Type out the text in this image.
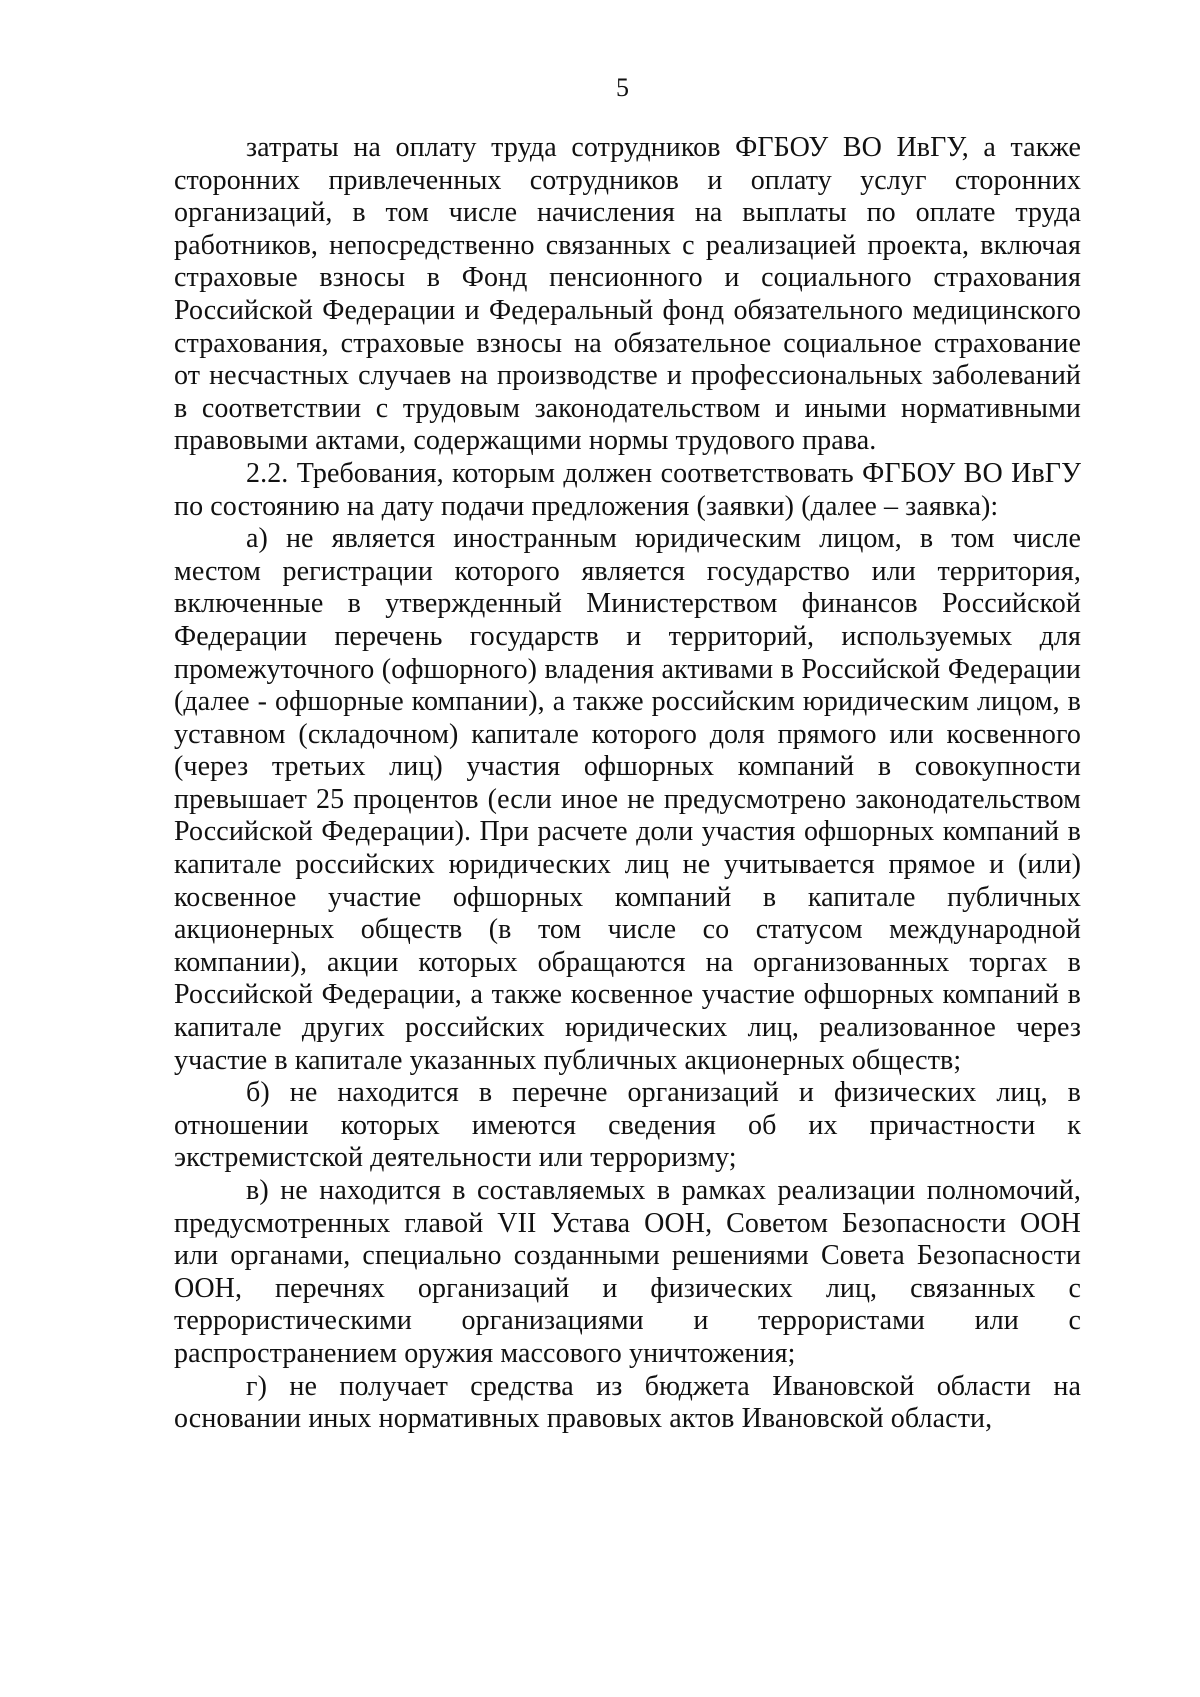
5

затраты на оплату труда сотрудников ФГБОУ ВО ИвГУ, а также сторонних привлеченных сотрудников и оплату услуг сторонних организаций, в том числе начисления на выплаты по оплате труда работников, непосредственно связанных с реализацией проекта, включая страховые взносы в Фонд пенсионного и социального страхования Российской Федерации и Федеральный фонд обязательного медицинского страхования, страховые взносы на обязательное социальное страхование от несчастных случаев на производстве и профессиональных заболеваний в соответствии с трудовым законодательством и иными нормативными правовыми актами, содержащими нормы трудового права.

2.2. Требования, которым должен соответствовать ФГБОУ ВО ИвГУ по состоянию на дату подачи предложения (заявки) (далее – заявка):

а) не является иностранным юридическим лицом, в том числе местом регистрации которого является государство или территория, включенные в утвержденный Министерством финансов Российской Федерации перечень государств и территорий, используемых для промежуточного (офшорного) владения активами в Российской Федерации (далее - офшорные компании), а также российским юридическим лицом, в уставном (складочном) капитале которого доля прямого или косвенного (через третьих лиц) участия офшорных компаний в совокупности превышает 25 процентов (если иное не предусмотрено законодательством Российской Федерации). При расчете доли участия офшорных компаний в капитале российских юридических лиц не учитывается прямое и (или) косвенное участие офшорных компаний в капитале публичных акционерных обществ (в том числе со статусом международной компании), акции которых обращаются на организованных торгах в Российской Федерации, а также косвенное участие офшорных компаний в капитале других российских юридических лиц, реализованное через участие в капитале указанных публичных акционерных обществ;

б) не находится в перечне организаций и физических лиц, в отношении которых имеются сведения об их причастности к экстремистской деятельности или терроризму;

в) не находится в составляемых в рамках реализации полномочий, предусмотренных главой VII Устава ООН, Советом Безопасности ООН или органами, специально созданными решениями Совета Безопасности ООН, перечнях организаций и физических лиц, связанных с террористическими организациями и террористами или с распространением оружия массового уничтожения;

г) не получает средства из бюджета Ивановской области на основании иных нормативных правовых актов Ивановской области,
